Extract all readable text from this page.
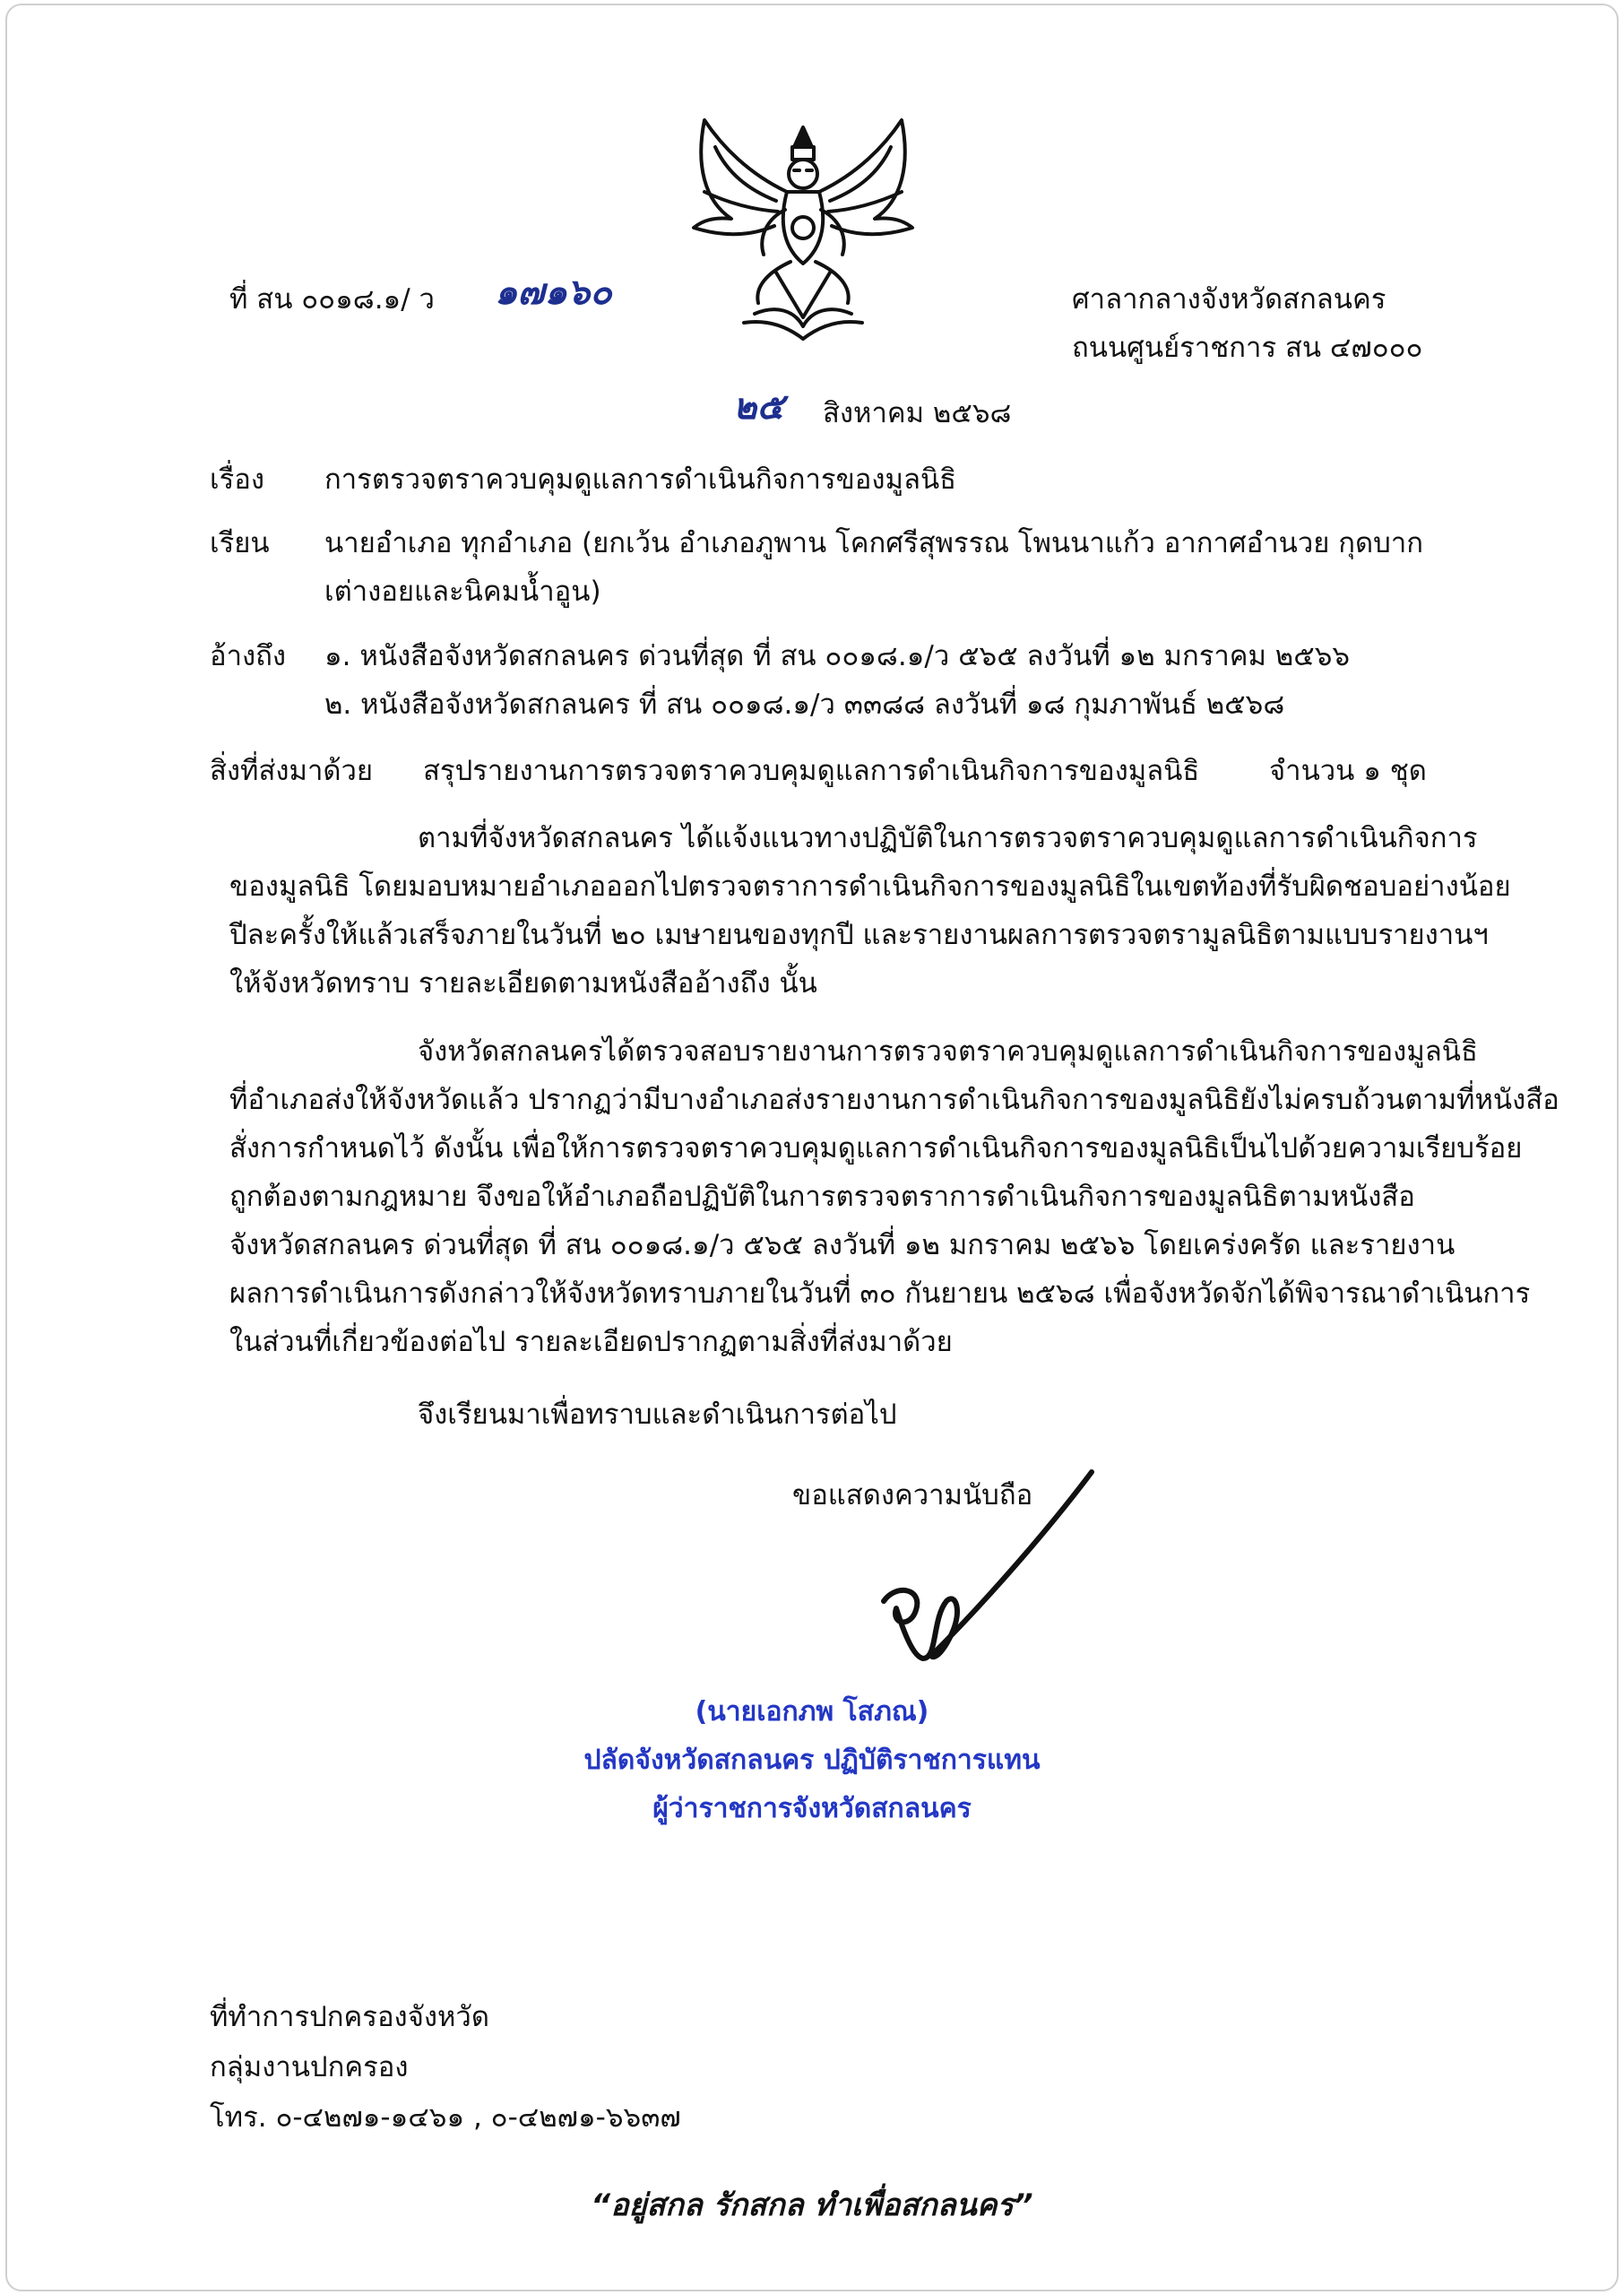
ที่ สน ๐๐๑๘.๑/ ว ๑๗๑๖๐	ศาลากลางจังหวัดสกลนคร
ถนนศูนย์ราชการ สน ๔๗๐๐๐
๒๕ สิงหาคม ๒๕๖๘
เรื่อง การตรวจตราควบคุมดูแลการดำเนินกิจการของมูลนิธิ
เรียน นายอำเภอ ทุกอำเภอ (ยกเว้น อำเภอภูพาน โคกศรีสุพรรณ โพนนาแก้ว อากาศอำนวย กุดบาก
เต่างอยและนิคมน้ำอูน)
อ้างถึง ๑. หนังสือจังหวัดสกลนคร ด่วนที่สุด ที่ สน ๐๐๑๘.๑/ว ๕๖๕ ลงวันที่ ๑๒ มกราคม ๒๕๖๖
๒. หนังสือจังหวัดสกลนคร ที่ สน ๐๐๑๘.๑/ว ๓๓๘๘ ลงวันที่ ๑๘ กุมภาพันธ์ ๒๕๖๘
สิ่งที่ส่งมาด้วย สรุปรายงานการตรวจตราควบคุมดูแลการดำเนินกิจการของมูลนิธิ	จำนวน ๑ ชุด

ตามที่จังหวัดสกลนคร ได้แจ้งแนวทางปฏิบัติในการตรวจตราควบคุมดูแลการดำเนินกิจการ

ของมูลนิธิ โดยมอบหมายอำเภอออกไปตรวจตราการดำเนินกิจการของมูลนิธิในเขตท้องที่รับผิดชอบอย่างน้อย

ปีละครั้งให้แล้วเสร็จภายในวันที่ ๒๐ เมษายนของทุกปี และรายงานผลการตรวจตรามูลนิธิตามแบบรายงานฯ

ให้จังหวัดทราบ รายละเอียดตามหนังสืออ้างถึง นั้น

จังหวัดสกลนครได้ตรวจสอบรายงานการตรวจตราควบคุมดูแลการดำเนินกิจการของมูลนิธิ

ที่อำเภอส่งให้จังหวัดแล้ว ปรากฏว่ามีบางอำเภอส่งรายงานการดำเนินกิจการของมูลนิธิยังไม่ครบถ้วนตามที่หนังสือ

สั่งการกำหนดไว้ ดังนั้น เพื่อให้การตรวจตราควบคุมดูแลการดำเนินกิจการของมูลนิธิเป็นไปด้วยความเรียบร้อย

ถูกต้องตามกฎหมาย จึงขอให้อำเภอถือปฏิบัติในการตรวจตราการดำเนินกิจการของมูลนิธิตามหนังสือ

จังหวัดสกลนคร ด่วนที่สุด ที่ สน ๐๐๑๘.๑/ว ๕๖๕ ลงวันที่ ๑๒ มกราคม ๒๕๖๖ โดยเคร่งครัด และรายงาน

ผลการดำเนินการดังกล่าวให้จังหวัดทราบภายในวันที่ ๓๐ กันยายน ๒๕๖๘ เพื่อจังหวัดจักได้พิจารณาดำเนินการ

ในส่วนที่เกี่ยวข้องต่อไป รายละเอียดปรากฏตามสิ่งที่ส่งมาด้วย

จึงเรียนมาเพื่อทราบและดำเนินการต่อไป
ขอแสดงความนับถือ
(นายเอกภพ โสภณ)
ปลัดจังหวัดสกลนคร ปฏิบัติราชการแทน
ผู้ว่าราชการจังหวัดสกลนคร
ที่ทำการปกครองจังหวัด
กลุ่มงานปกครอง
โทร. ๐-๔๒๗๑-๑๔๖๑ , ๐-๔๒๗๑-๖๖๓๗
“อยู่สกล รักสกล ทำเพื่อสกลนคร”
